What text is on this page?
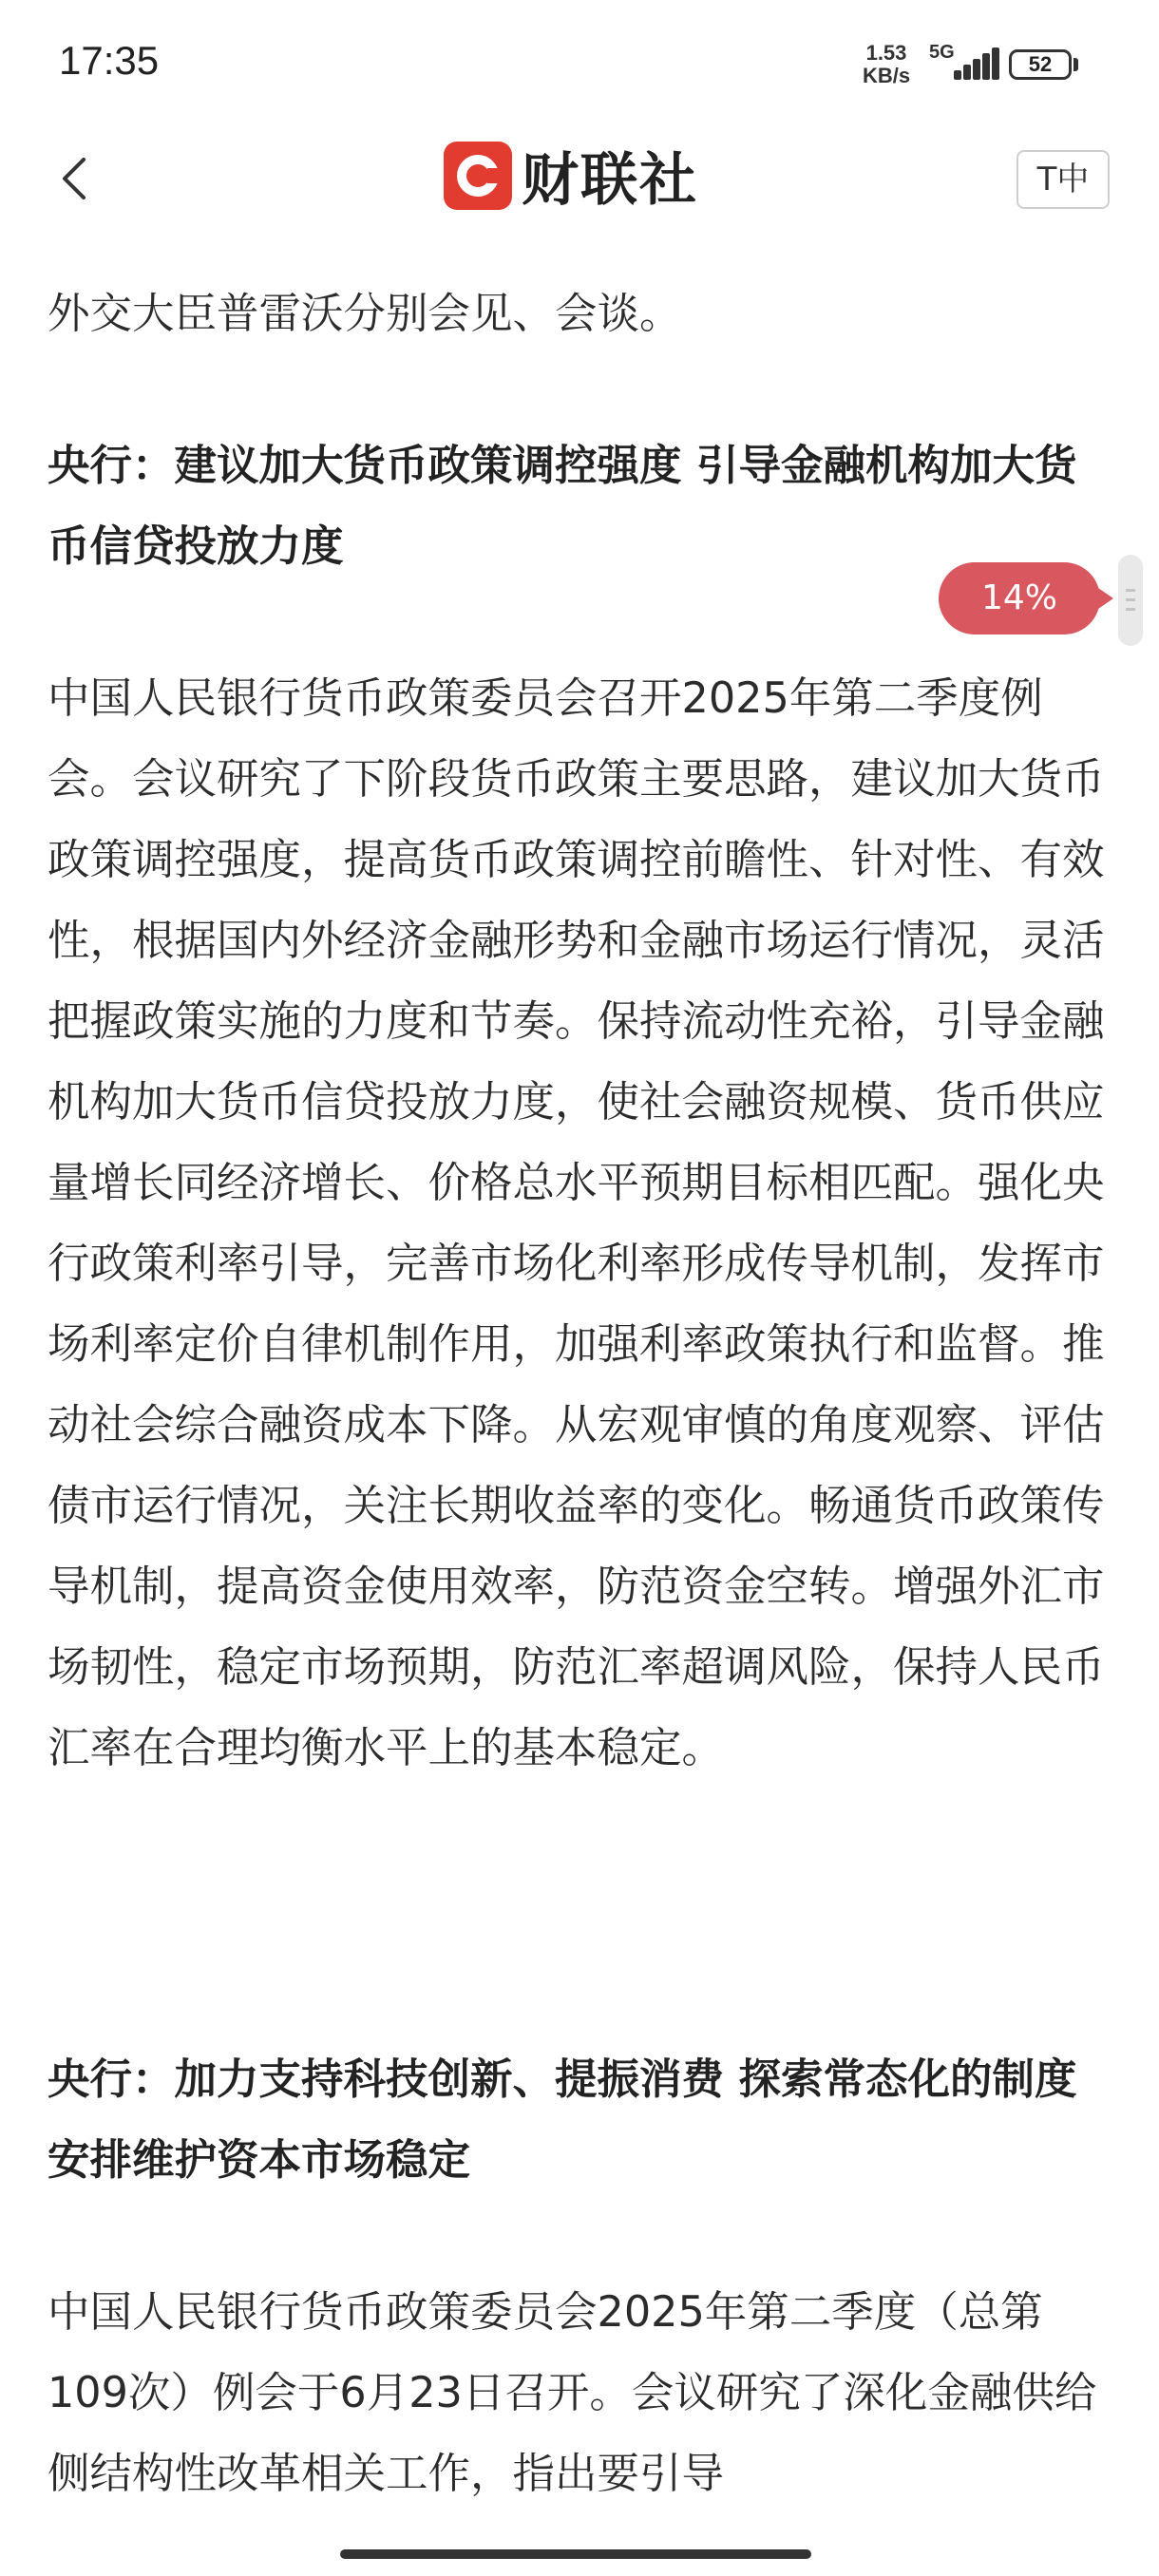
17:35	1.53
KB/s
5G	52
财联社	T中

外交大臣普雷沃分别会见、会谈。

央行：建议加大货币政策调控强度 引导金融机构加大货币信贷投放力度

中国人民银行货币政策委员会召开2025年第二季度例会。会议研究了下阶段货币政策主要思路，建议加大货币政策调控强度，提高货币政策调控前瞻性、针对性、有效性，根据国内外经济金融形势和金融市场运行情况，灵活把握政策实施的力度和节奏。保持流动性充裕，引导金融机构加大货币信贷投放力度，使社会融资规模、货币供应量增长同经济增长、价格总水平预期目标相匹配。强化央行政策利率引导，完善市场化利率形成传导机制，发挥市场利率定价自律机制作用，加强利率政策执行和监督。推动社会综合融资成本下降。从宏观审慎的角度观察、评估债市运行情况，关注长期收益率的变化。畅通货币政策传导机制，提高资金使用效率，防范资金空转。增强外汇市场韧性，稳定市场预期，防范汇率超调风险，保持人民币汇率在合理均衡水平上的基本稳定。

央行：加力支持科技创新、提振消费 探索常态化的制度安排维护资本市场稳定

中国人民银行货币政策委员会2025年第二季度（总第109次）例会于6月23日召开。会议研究了深化金融供给侧结构性改革相关工作，指出要引导

14%
